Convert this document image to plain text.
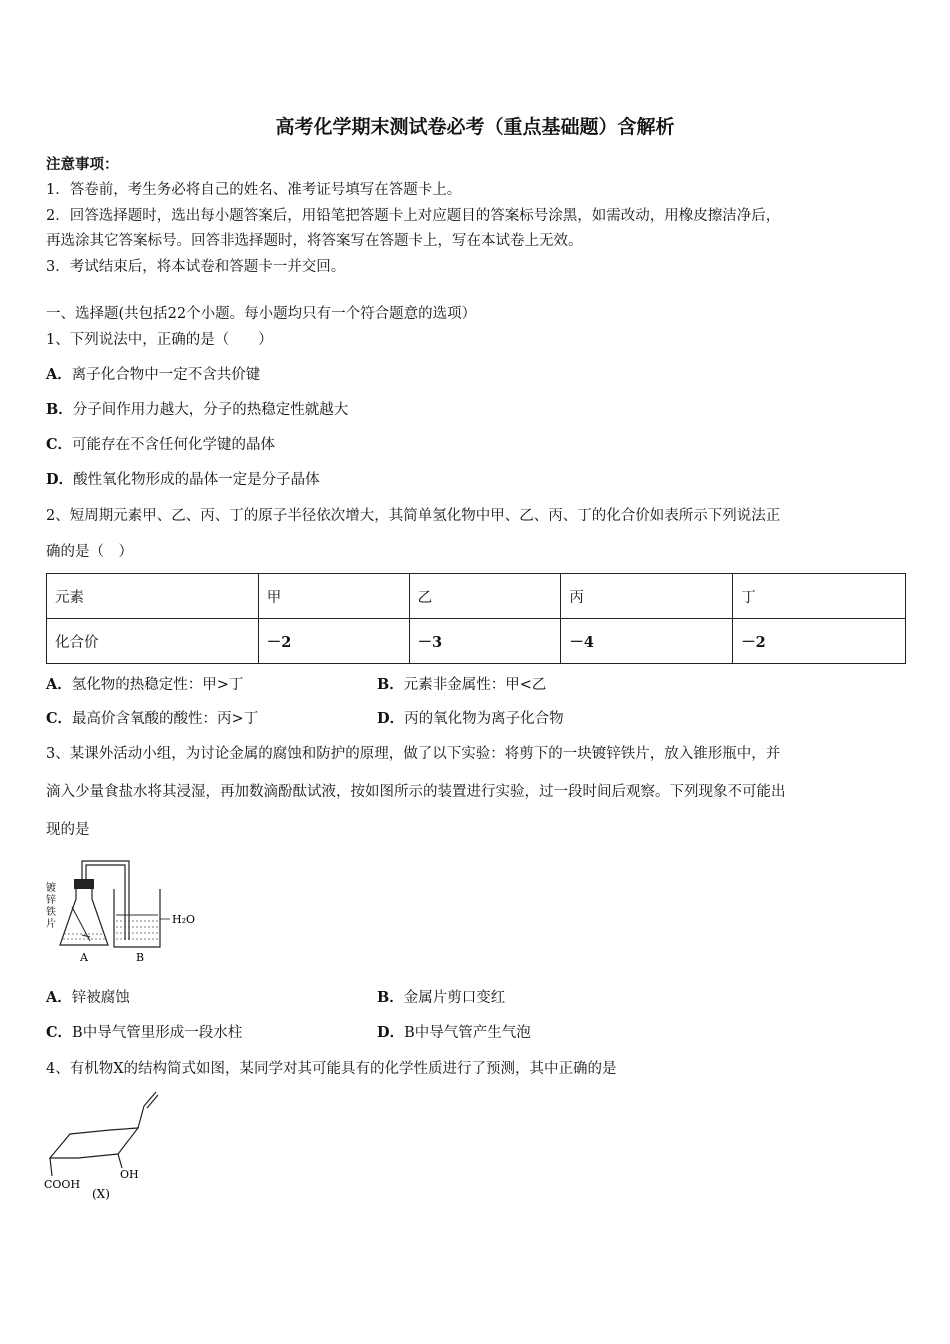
高考化学期末测试卷必考（重点基础题）含解析
注意事项：
1．答卷前，考生务必将自己的姓名、准考证号填写在答题卡上。
2．回答选择题时，选出每小题答案后，用铅笔把答题卡上对应题目的答案标号涂黑，如需改动，用橡皮擦洁净后，
再选涂其它答案标号。回答非选择题时，将答案写在答题卡上，写在本试卷上无效。
3．考试结束后，将本试卷和答题卡一并交回。
一、选择题(共包括22个小题。每小题均只有一个符合题意的选项）
1、下列说法中，正确的是（　　）
A．离子化合物中一定不含共价键
B．分子间作用力越大，分子的热稳定性就越大
C．可能存在不含任何化学键的晶体
D．酸性氧化物形成的晶体一定是分子晶体
2、短周期元素甲、乙、丙、丁的原子半径依次增大，其简单氢化物中甲、乙、丙、丁的化合价如表所示下列说法正
确的是（　）
元素	甲	乙	丙	丁
化合价	－2	－3	－4	－2
A．氢化物的热稳定性：甲>丁	B．元素非金属性：甲<乙
C．最高价含氧酸的酸性：丙>丁	D．丙的氧化物为离子化合物
3、某课外活动小组，为讨论金属的腐蚀和防护的原理，做了以下实验：将剪下的一块镀锌铁片，放入锥形瓶中，并
滴入少量食盐水将其浸湿，再加数滴酚酞试液，按如图所示的装置进行实验，过一段时间后观察。下列现象不可能出
现的是
镀
锌
铁
片	H₂O
A	B
A．锌被腐蚀	B．金属片剪口变红
C．B中导气管里形成一段水柱	D．B中导气管产生气泡
4、有机物X的结构简式如图，某同学对其可能具有的化学性质进行了预测，其中正确的是
OH
COOH
(X)
